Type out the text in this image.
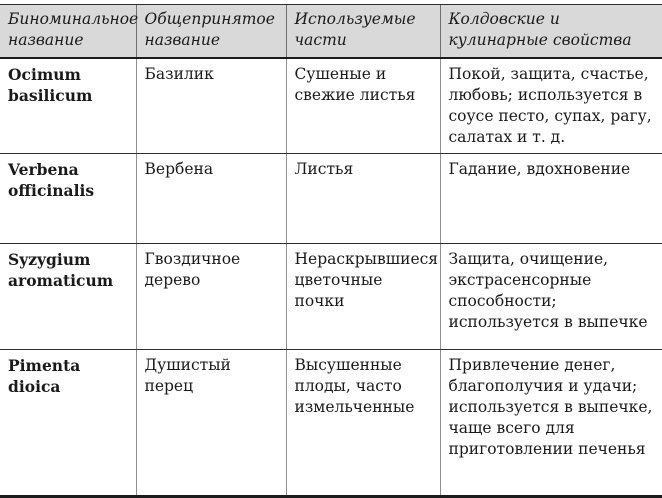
Биноминальное название	Общепринятое название	Используемые части	Колдовские и кулинарные свойства
Ocimum basilicum	Базилик	Сушеные и свежие листья	Покой, защита, счастье, любовь; используется в соусе песто, супах, рагу, салатах и т. д.
Verbena officinalis	Вербена	Листья	Гадание, вдохновение
Syzygium aromaticum	Гвоздичное дерево	Нераскрывшиеся цветочные почки	Защита, очищение, экстрасенсорные способности; используется в выпечке
Pimenta dioica	Душистый перец	Высушенные плоды, часто измельченные	Привлечение денег, благополучия и удачи; используется в выпечке, чаще всего для приготовлении печенья
